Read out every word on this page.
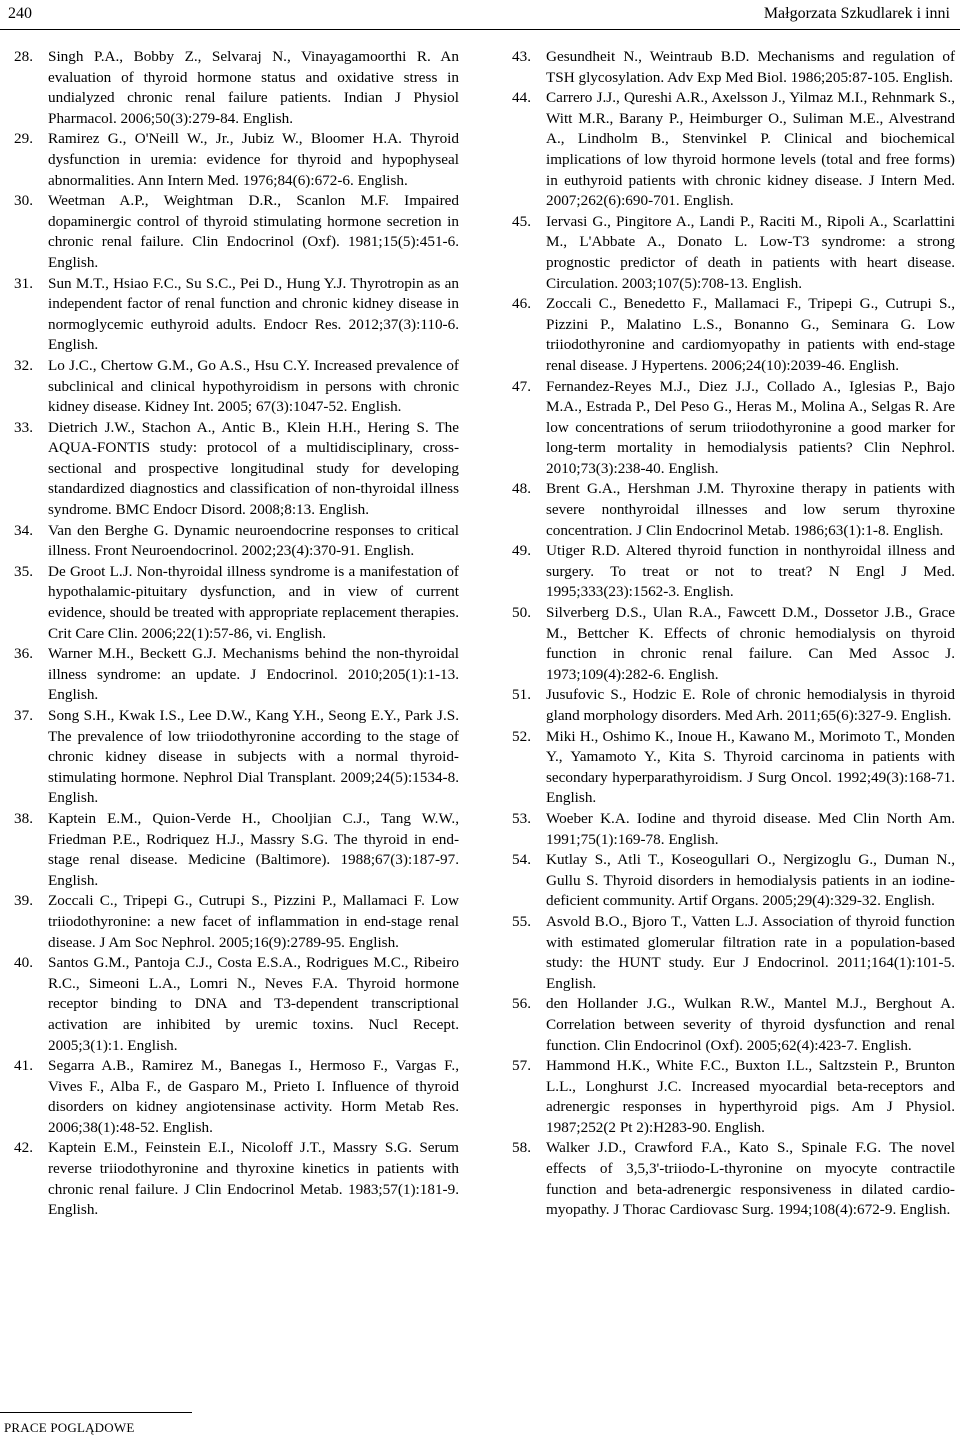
240	Małgorzata Szkudlarek i inni
28. Singh P.A., Bobby Z., Selvaraj N., Vinayagamoorthi R. An evaluation of thyroid hormone status and oxidative stress in undialyzed chronic renal failure patients. Indian J Physiol Pharmacol. 2006;50(3):279-84. English.
29. Ramirez G., O'Neill W., Jr., Jubiz W., Bloomer H.A. Thyroid dysfunction in uremia: evidence for thyroid and hypophyseal abnormalities. Ann Intern Med. 1976;84(6):672-6. English.
30. Weetman A.P., Weightman D.R., Scanlon M.F. Impaired dopaminergic control of thyroid stimulating hormone secretion in chronic renal failure. Clin Endocrinol (Oxf). 1981;15(5):451-6. English.
31. Sun M.T., Hsiao F.C., Su S.C., Pei D., Hung Y.J. Thyrotropin as an independent factor of renal function and chronic kidney disease in normoglycemic euthyroid adults. Endocr Res. 2012;37(3):110-6. English.
32. Lo J.C., Chertow G.M., Go A.S., Hsu C.Y. Increased prevalence of subclinical and clinical hypothyroidism in persons with chronic kidney disease. Kidney Int. 2005; 67(3):1047-52. English.
33. Dietrich J.W., Stachon A., Antic B., Klein H.H., Hering S. The AQUA-FONTIS study: protocol of a multidisciplinary, cross-sectional and prospective longitudinal study for developing standardized diagnostics and classification of non-thyroidal illness syndrome. BMC Endocr Disord. 2008;8:13. English.
34. Van den Berghe G. Dynamic neuroendocrine responses to critical illness. Front Neuroendocrinol. 2002;23(4):370-91. English.
35. De Groot L.J. Non-thyroidal illness syndrome is a manifestation of hypothalamic-pituitary dysfunction, and in view of current evidence, should be treated with appropriate replacement therapies. Crit Care Clin. 2006;22(1):57-86, vi. English.
36. Warner M.H., Beckett G.J. Mechanisms behind the non-thyroidal illness syndrome: an update. J Endocrinol. 2010;205(1):1-13. English.
37. Song S.H., Kwak I.S., Lee D.W., Kang Y.H., Seong E.Y., Park J.S. The prevalence of low triiodothyronine according to the stage of chronic kidney disease in subjects with a normal thyroid-stimulating hormone. Nephrol Dial Transplant. 2009;24(5):1534-8. English.
38. Kaptein E.M., Quion-Verde H., Chooljian C.J., Tang W.W., Friedman P.E., Rodriquez H.J., Massry S.G. The thyroid in end-stage renal disease. Medicine (Baltimore). 1988;67(3):187-97. English.
39. Zoccali C., Tripepi G., Cutrupi S., Pizzini P., Mallamaci F. Low triiodothyronine: a new facet of inflammation in end-stage renal disease. J Am Soc Nephrol. 2005;16(9):2789-95. English.
40. Santos G.M., Pantoja C.J., Costa E.S.A., Rodrigues M.C., Ribeiro R.C., Simeoni L.A., Lomri N., Neves F.A. Thyroid hormone receptor binding to DNA and T3-dependent transcriptional activation are inhibited by uremic toxins. Nucl Recept. 2005;3(1):1. English.
41. Segarra A.B., Ramirez M., Banegas I., Hermoso F., Vargas F., Vives F., Alba F., de Gasparo M., Prieto I. Influence of thyroid disorders on kidney angiotensinase activity. Horm Metab Res. 2006;38(1):48-52. English.
42. Kaptein E.M., Feinstein E.I., Nicoloff J.T., Massry S.G. Serum reverse triiodothyronine and thyroxine kinetics in patients with chronic renal failure. J Clin Endocrinol Metab. 1983;57(1):181-9. English.
43. Gesundheit N., Weintraub B.D. Mechanisms and regulation of TSH glycosylation. Adv Exp Med Biol. 1986;205:87-105. English.
44. Carrero J.J., Qureshi A.R., Axelsson J., Yilmaz M.I., Rehnmark S., Witt M.R., Barany P., Heimburger O., Suliman M.E., Alvestrand A., Lindholm B., Stenvinkel P. Clinical and biochemical implications of low thyroid hormone levels (total and free forms) in euthyroid patients with chronic kidney disease. J Intern Med. 2007;262(6):690-701. English.
45. Iervasi G., Pingitore A., Landi P., Raciti M., Ripoli A., Scarlattini M., L'Abbate A., Donato L. Low-T3 syndrome: a strong prognostic predictor of death in patients with heart disease. Circulation. 2003;107(5):708-13. English.
46. Zoccali C., Benedetto F., Mallamaci F., Tripepi G., Cutrupi S., Pizzini P., Malatino L.S., Bonanno G., Seminara G. Low triiodothyronine and cardiomyopathy in patients with end-stage renal disease. J Hypertens. 2006;24(10):2039-46. English.
47. Fernandez-Reyes M.J., Diez J.J., Collado A., Iglesias P., Bajo M.A., Estrada P., Del Peso G., Heras M., Molina A., Selgas R. Are low concentrations of serum triiodothyronine a good marker for long-term mortality in hemodialysis patients? Clin Nephrol. 2010;73(3):238-40. English.
48. Brent G.A., Hershman J.M. Thyroxine therapy in patients with severe nonthyroidal illnesses and low serum thyroxine concentration. J Clin Endocrinol Metab. 1986;63(1):1-8. English.
49. Utiger R.D. Altered thyroid function in nonthyroidal illness and surgery. To treat or not to treat? N Engl J Med. 1995;333(23):1562-3. English.
50. Silverberg D.S., Ulan R.A., Fawcett D.M., Dossetor J.B., Grace M., Bettcher K. Effects of chronic hemodialysis on thyroid function in chronic renal failure. Can Med Assoc J. 1973;109(4):282-6. English.
51. Jusufovic S., Hodzic E. Role of chronic hemodialysis in thyroid gland morphology disorders. Med Arh. 2011;65(6):327-9. English.
52. Miki H., Oshimo K., Inoue H., Kawano M., Morimoto T., Monden Y., Yamamoto Y., Kita S. Thyroid carcinoma in patients with secondary hyperparathyroidism. J Surg Oncol. 1992;49(3):168-71. English.
53. Woeber K.A. Iodine and thyroid disease. Med Clin North Am. 1991;75(1):169-78. English.
54. Kutlay S., Atli T., Koseogullari O., Nergizoglu G., Duman N., Gullu S. Thyroid disorders in hemodialysis patients in an iodine-deficient community. Artif Organs. 2005;29(4):329-32. English.
55. Asvold B.O., Bjoro T., Vatten L.J. Association of thyroid function with estimated glomerular filtration rate in a population-based study: the HUNT study. Eur J Endocrinol. 2011;164(1):101-5. English.
56. den Hollander J.G., Wulkan R.W., Mantel M.J., Berghout A. Correlation between severity of thyroid dysfunction and renal function. Clin Endocrinol (Oxf). 2005;62(4):423-7. English.
57. Hammond H.K., White F.C., Buxton I.L., Saltzstein P., Brunton L.L., Longhurst J.C. Increased myocardial beta-receptors and adrenergic responses in hyperthyroid pigs. Am J Physiol. 1987;252(2 Pt 2):H283-90. English.
58. Walker J.D., Crawford F.A., Kato S., Spinale F.G. The novel effects of 3,5,3'-triiodo-L-thyronine on myocyte contractile function and beta-adrenergic responsiveness in dilated cardio-myopathy. J Thorac Cardiovasc Surg. 1994;108(4):672-9. English.
PRACE POGLĄDOWE
